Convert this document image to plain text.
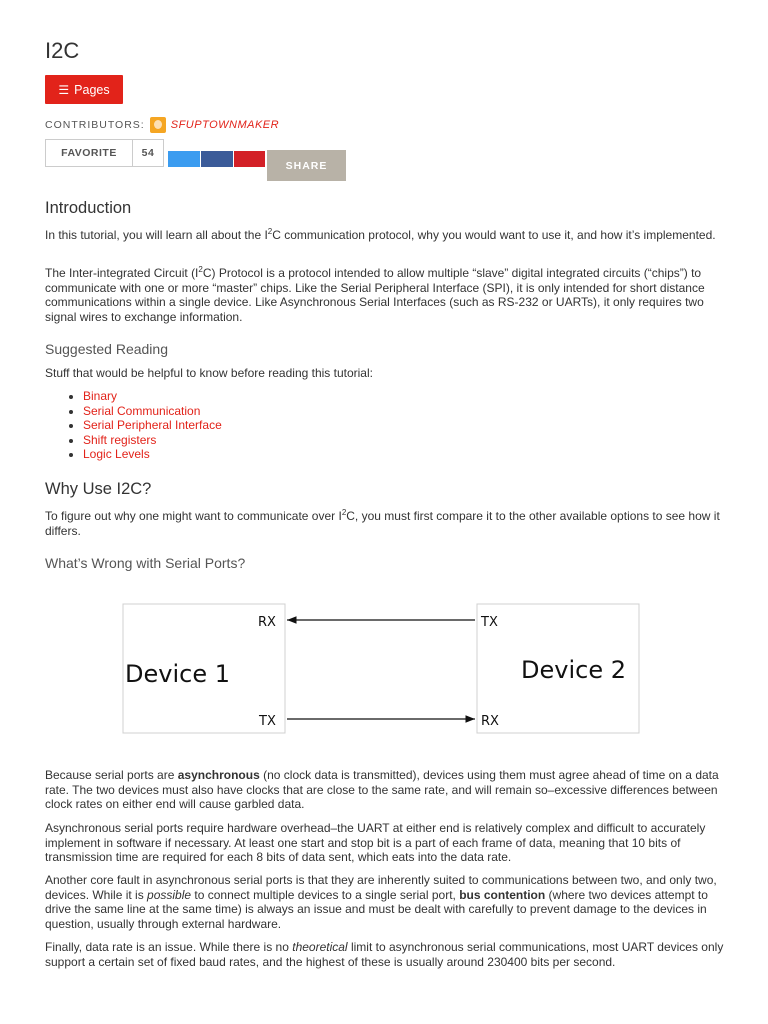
I2C
☰ Pages
CONTRIBUTORS: SFUPTOWNMAKER
FAVORITE	54
SHARE
Introduction

In this tutorial, you will learn all about the $I^2C$ communication protocol, why you would want to use it, and how it’s implemented.

The Inter-integrated Circuit $(I^2C)$ Protocol is a protocol intended to allow multiple “slave” digital integrated circuits (“chips”) to communicate with one or more “master” chips. Like the Serial Peripheral Interface (SPI), it is only intended for short distance communications within a single device. Like Asynchronous Serial Interfaces (such as RS-232 or UARTs), it only requires two signal wires to exchange information.

Suggested Reading

Stuff that would be helpful to know before reading this tutorial:

• Binary
• Serial Communication
• Serial Peripheral Interface
• Shift registers
• Logic Levels
Why Use I2C?

To figure out why one might want to communicate over $I^2C$, you must first compare it to the other available options to see how it differs.

What’s Wrong with Serial Ports?
Device 1	Device 2
RX
TX
TX
RX

Because serial ports are asynchronous (no clock data is transmitted), devices using them must agree ahead of time on a data rate. The two devices must also have clocks that are close to the same rate, and will remain so–excessive differences between clock rates on either end will cause garbled data.

Asynchronous serial ports require hardware overhead–the UART at either end is relatively complex and difficult to accurately implement in software if necessary. At least one start and stop bit is a part of each frame of data, meaning that 10 bits of transmission time are required for each 8 bits of data sent, which eats into the data rate.

Another core fault in asynchronous serial ports is that they are inherently suited to communications between two, and only two, devices. While it is possible to connect multiple devices to a single serial port, bus contention (where two devices attempt to drive the same line at the same time) is always an issue and must be dealt with carefully to prevent damage to the devices in question, usually through external hardware.

Finally, data rate is an issue. While there is no theoretical limit to asynchronous serial communications, most UART devices only support a certain set of fixed baud rates, and the highest of these is usually around 230400 bits per second.
